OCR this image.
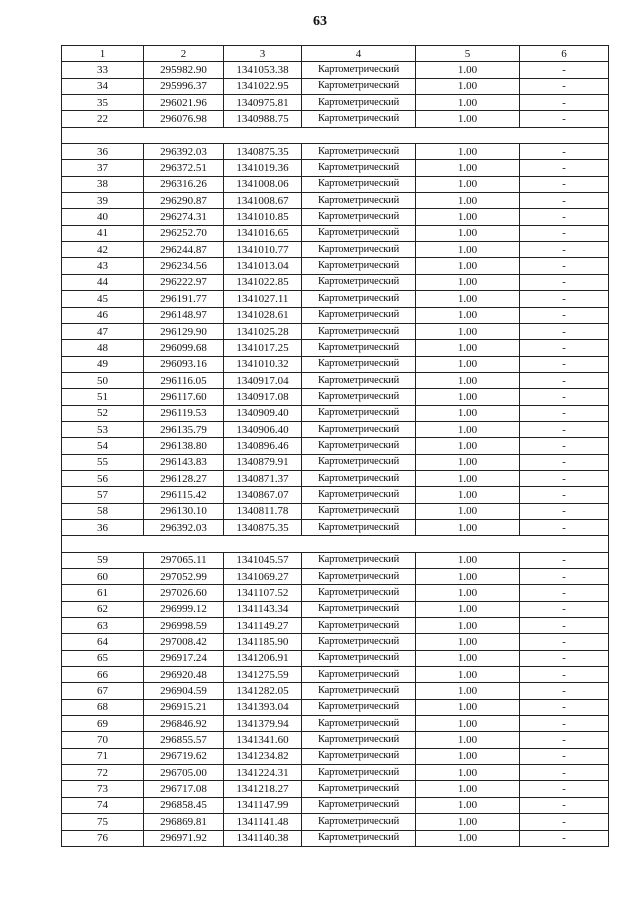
63
1	2	3	4	5	6
33	295982.90	1341053.38	Картометрический	1.00	-
34	295996.37	1341022.95	Картометрический	1.00	-
35	296021.96	1340975.81	Картометрический	1.00	-
22	296076.98	1340988.75	Картометрический	1.00	-

36	296392.03	1340875.35	Картометрический	1.00	-
37	296372.51	1341019.36	Картометрический	1.00	-
38	296316.26	1341008.06	Картометрический	1.00	-
39	296290.87	1341008.67	Картометрический	1.00	-
40	296274.31	1341010.85	Картометрический	1.00	-
41	296252.70	1341016.65	Картометрический	1.00	-
42	296244.87	1341010.77	Картометрический	1.00	-
43	296234.56	1341013.04	Картометрический	1.00	-
44	296222.97	1341022.85	Картометрический	1.00	-
45	296191.77	1341027.11	Картометрический	1.00	-
46	296148.97	1341028.61	Картометрический	1.00	-
47	296129.90	1341025.28	Картометрический	1.00	-
48	296099.68	1341017.25	Картометрический	1.00	-
49	296093.16	1341010.32	Картометрический	1.00	-
50	296116.05	1340917.04	Картометрический	1.00	-
51	296117.60	1340917.08	Картометрический	1.00	-
52	296119.53	1340909.40	Картометрический	1.00	-
53	296135.79	1340906.40	Картометрический	1.00	-
54	296138.80	1340896.46	Картометрический	1.00	-
55	296143.83	1340879.91	Картометрический	1.00	-
56	296128.27	1340871.37	Картометрический	1.00	-
57	296115.42	1340867.07	Картометрический	1.00	-
58	296130.10	1340811.78	Картометрический	1.00	-
36	296392.03	1340875.35	Картометрический	1.00	-

59	297065.11	1341045.57	Картометрический	1.00	-
60	297052.99	1341069.27	Картометрический	1.00	-
61	297026.60	1341107.52	Картометрический	1.00	-
62	296999.12	1341143.34	Картометрический	1.00	-
63	296998.59	1341149.27	Картометрический	1.00	-
64	297008.42	1341185.90	Картометрический	1.00	-
65	296917.24	1341206.91	Картометрический	1.00	-
66	296920.48	1341275.59	Картометрический	1.00	-
67	296904.59	1341282.05	Картометрический	1.00	-
68	296915.21	1341393.04	Картометрический	1.00	-
69	296846.92	1341379.94	Картометрический	1.00	-
70	296855.57	1341341.60	Картометрический	1.00	-
71	296719.62	1341234.82	Картометрический	1.00	-
72	296705.00	1341224.31	Картометрический	1.00	-
73	296717.08	1341218.27	Картометрический	1.00	-
74	296858.45	1341147.99	Картометрический	1.00	-
75	296869.81	1341141.48	Картометрический	1.00	-
76	296971.92	1341140.38	Картометрический	1.00	-
